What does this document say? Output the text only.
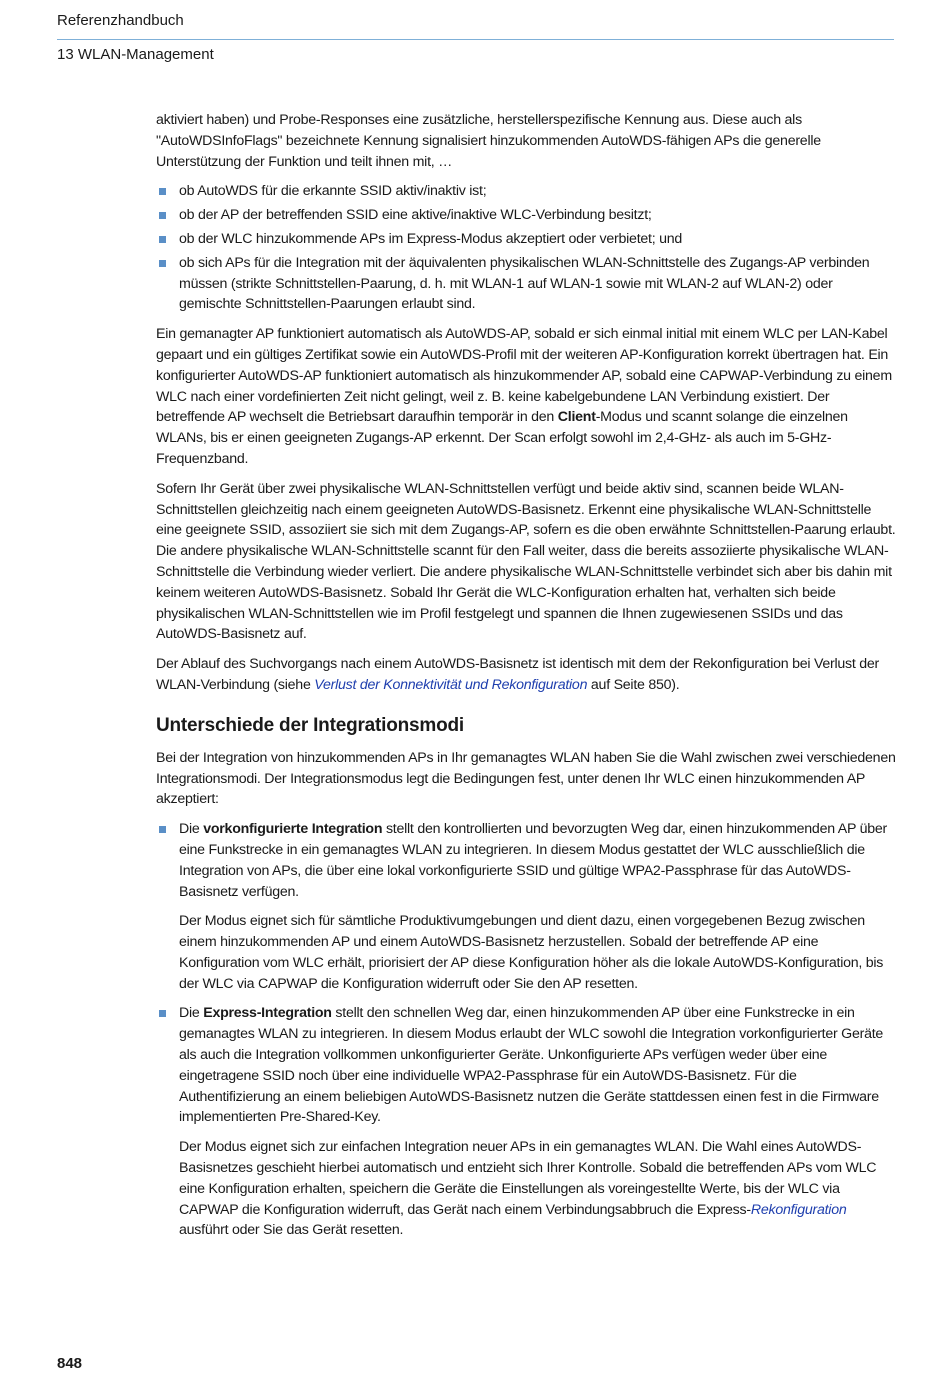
Referenzhandbuch
13 WLAN-Management

aktiviert haben) und Probe-Responses eine zusätzliche, herstellerspezifische Kennung aus. Diese auch als "AutoWDSInfoFlags" bezeichnete Kennung signalisiert hinzukommenden AutoWDS-fähigen APs die generelle Unterstützung der Funktion und teilt ihnen mit, …

ob AutoWDS für die erkannte SSID aktiv/inaktiv ist;
ob der AP der betreffenden SSID eine aktive/inaktive WLC-Verbindung besitzt;
ob der WLC hinzukommende APs im Express-Modus akzeptiert oder verbietet; und
ob sich APs für die Integration mit der äquivalenten physikalischen WLAN-Schnittstelle des Zugangs-AP verbinden müssen (strikte Schnittstellen-Paarung, d. h. mit WLAN-1 auf WLAN-1 sowie mit WLAN-2 auf WLAN-2) oder gemischte Schnittstellen-Paarungen erlaubt sind.

Ein gemanagter AP funktioniert automatisch als AutoWDS-AP, sobald er sich einmal initial mit einem WLC per LAN-Kabel gepaart und ein gültiges Zertifikat sowie ein AutoWDS-Profil mit der weiteren AP-Konfiguration korrekt übertragen hat. Ein konfigurierter AutoWDS-AP funktioniert automatisch als hinzukommender AP, sobald eine CAPWAP-Verbindung zu einem WLC nach einer vordefinierten Zeit nicht gelingt, weil z. B. keine kabelgebundene LAN Verbindung existiert. Der betreffende AP wechselt die Betriebsart daraufhin temporär in den Client-Modus und scannt solange die einzelnen WLANs, bis er einen geeigneten Zugangs-AP erkennt. Der Scan erfolgt sowohl im 2,4-GHz- als auch im 5-GHz-Frequenzband.

Sofern Ihr Gerät über zwei physikalische WLAN-Schnittstellen verfügt und beide aktiv sind, scannen beide WLAN-Schnittstellen gleichzeitig nach einem geeigneten AutoWDS-Basisnetz. Erkennt eine physikalische WLAN-Schnittstelle eine geeignete SSID, assoziiert sie sich mit dem Zugangs-AP, sofern es die oben erwähnte Schnittstellen-Paarung erlaubt. Die andere physikalische WLAN-Schnittstelle scannt für den Fall weiter, dass die bereits assoziierte physikalische WLAN-Schnittstelle die Verbindung wieder verliert. Die andere physikalische WLAN-Schnittstelle verbindet sich aber bis dahin mit keinem weiteren AutoWDS-Basisnetz. Sobald Ihr Gerät die WLC-Konfiguration erhalten hat, verhalten sich beide physikalischen WLAN-Schnittstellen wie im Profil festgelegt und spannen die Ihnen zugewiesenen SSIDs und das AutoWDS-Basisnetz auf.

Der Ablauf des Suchvorgangs nach einem AutoWDS-Basisnetz ist identisch mit dem der Rekonfiguration bei Verlust der WLAN-Verbindung (siehe Verlust der Konnektivität und Rekonfiguration auf Seite 850).

Unterschiede der Integrationsmodi

Bei der Integration von hinzukommenden APs in Ihr gemanagtes WLAN haben Sie die Wahl zwischen zwei verschiedenen Integrationsmodi. Der Integrationsmodus legt die Bedingungen fest, unter denen Ihr WLC einen hinzukommenden AP akzeptiert:

Die vorkonfigurierte Integration stellt den kontrollierten und bevorzugten Weg dar, einen hinzukommenden AP über eine Funkstrecke in ein gemanagtes WLAN zu integrieren. In diesem Modus gestattet der WLC ausschließlich die Integration von APs, die über eine lokal vorkonfigurierte SSID und gültige WPA2-Passphrase für das AutoWDS-Basisnetz verfügen.

Der Modus eignet sich für sämtliche Produktivumgebungen und dient dazu, einen vorgegebenen Bezug zwischen einem hinzukommenden AP und einem AutoWDS-Basisnetz herzustellen. Sobald der betreffende AP eine Konfiguration vom WLC erhält, priorisiert der AP diese Konfiguration höher als die lokale AutoWDS-Konfiguration, bis der WLC via CAPWAP die Konfiguration widerruft oder Sie den AP resetten.

Die Express-Integration stellt den schnellen Weg dar, einen hinzukommenden AP über eine Funkstrecke in ein gemanagtes WLAN zu integrieren. In diesem Modus erlaubt der WLC sowohl die Integration vorkonfigurierter Geräte als auch die Integration vollkommen unkonfigurierter Geräte. Unkonfigurierte APs verfügen weder über eine eingetragene SSID noch über eine individuelle WPA2-Passphrase für ein AutoWDS-Basisnetz. Für die Authentifizierung an einem beliebigen AutoWDS-Basisnetz nutzen die Geräte stattdessen einen fest in die Firmware implementierten Pre-Shared-Key.

Der Modus eignet sich zur einfachen Integration neuer APs in ein gemanagtes WLAN. Die Wahl eines AutoWDS-Basisnetzes geschieht hierbei automatisch und entzieht sich Ihrer Kontrolle. Sobald die betreffenden APs vom WLC eine Konfiguration erhalten, speichern die Geräte die Einstellungen als voreingestellte Werte, bis der WLC via CAPWAP die Konfiguration widerruft, das Gerät nach einem Verbindungsabbruch die Express-Rekonfiguration ausführt oder Sie das Gerät resetten.

848
